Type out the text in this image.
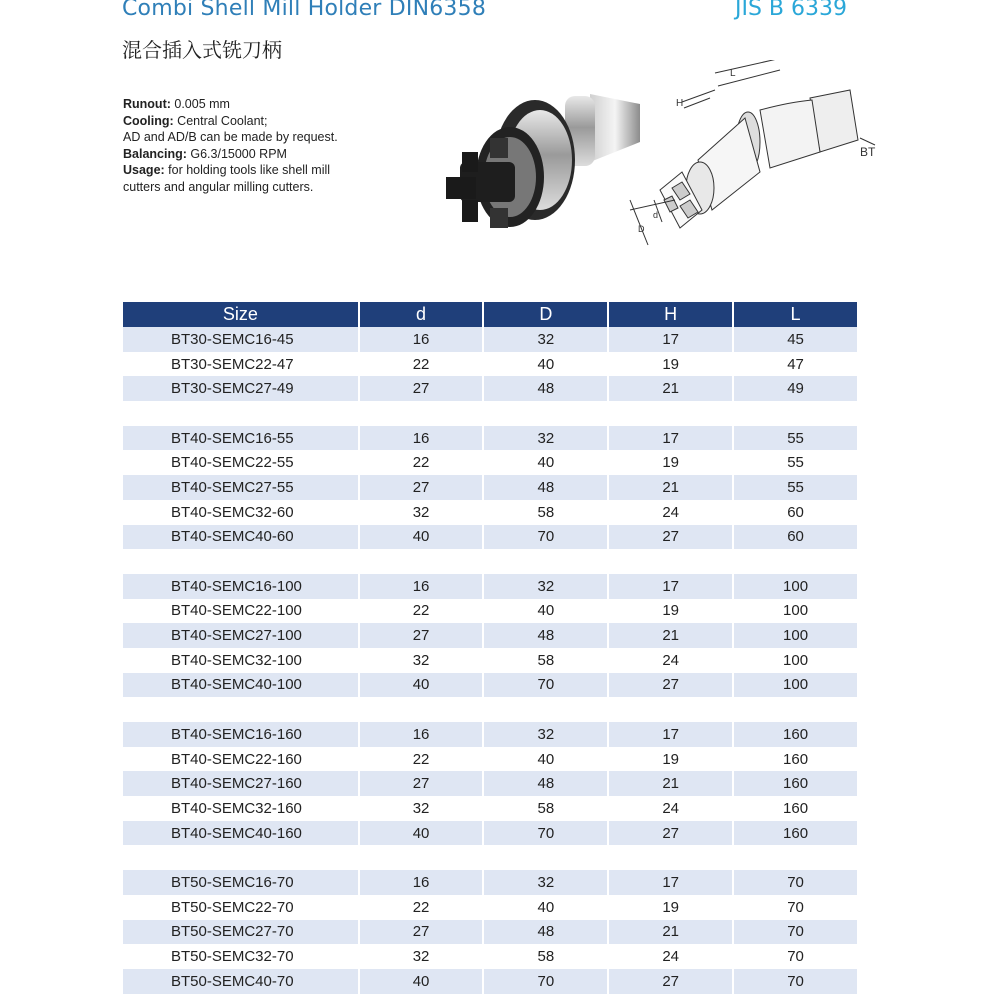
Combi Shell Mill Holder DIN6358
混合插入式铣刀柄
JIS B 6339
Runout: 0.005 mm
Cooling: Central Coolant;
AD and AD/B can be made by request.
Balancing: G6.3/15000 RPM
Usage: for holding tools like shell mill
cutters and angular milling cutters.
L
H
d
D
BT
Size	d	D	H	L
BT30-SEMC16-45	16	32	17	45
BT30-SEMC22-47	22	40	19	47
BT30-SEMC27-49	27	48	21	49

BT40-SEMC16-55	16	32	17	55
BT40-SEMC22-55	22	40	19	55
BT40-SEMC27-55	27	48	21	55
BT40-SEMC32-60	32	58	24	60
BT40-SEMC40-60	40	70	27	60

BT40-SEMC16-100	16	32	17	100
BT40-SEMC22-100	22	40	19	100
BT40-SEMC27-100	27	48	21	100
BT40-SEMC32-100	32	58	24	100
BT40-SEMC40-100	40	70	27	100

BT40-SEMC16-160	16	32	17	160
BT40-SEMC22-160	22	40	19	160
BT40-SEMC27-160	27	48	21	160
BT40-SEMC32-160	32	58	24	160
BT40-SEMC40-160	40	70	27	160

BT50-SEMC16-70	16	32	17	70
BT50-SEMC22-70	22	40	19	70
BT50-SEMC27-70	27	48	21	70
BT50-SEMC32-70	32	58	24	70
BT50-SEMC40-70	40	70	27	70
